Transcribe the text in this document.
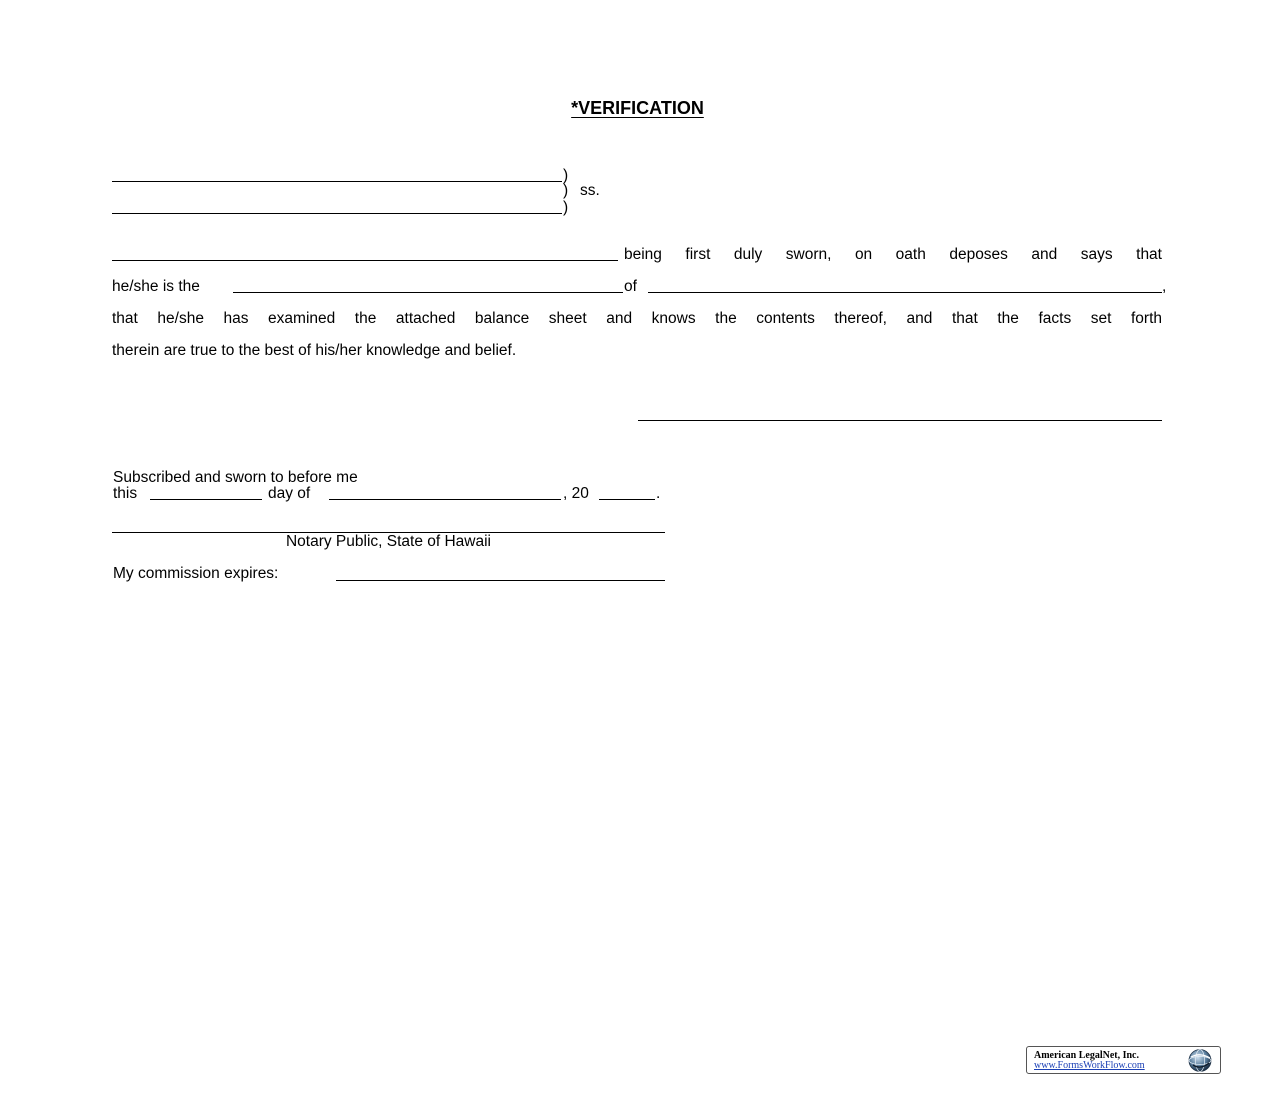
*VERIFICATION
)
) ss.
)
being first duly sworn, on oath deposes and says that
he/she is the	of	,
that he/she has examined the attached balance sheet and knows the contents thereof, and that the facts set forth
therein are true to the best of his/her knowledge and belief.
Subscribed and sworn to before me
this	day of	, 20	.
Notary Public, State of Hawaii
My commission expires:
American LegalNet, Inc.
www.FormsWorkFlow.com
